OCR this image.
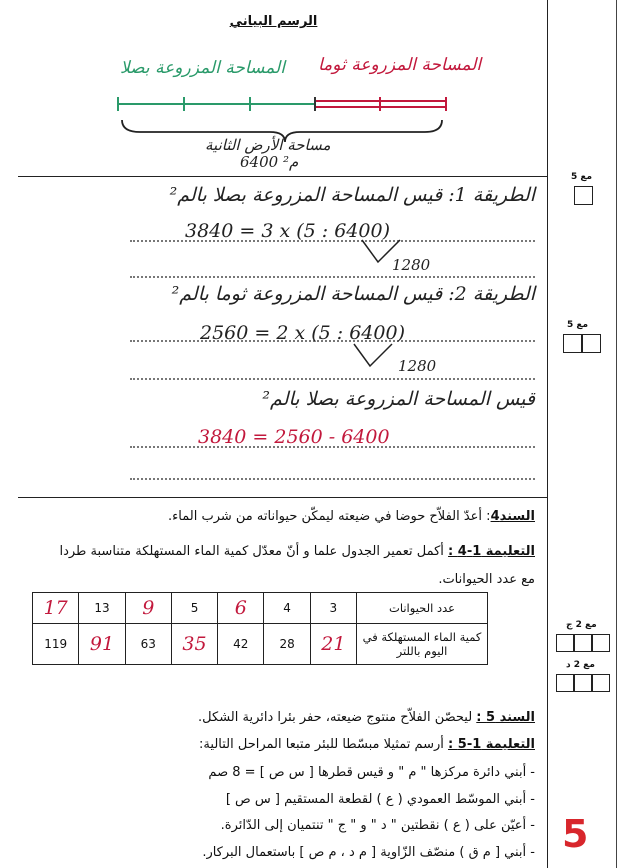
الرسم البياني
المساحة المزروعة بصلا المساحة المزروعة ثوما
مساحة الأرض الثانية
6400 م²
الطريقة 1: قيس المساحة المزروعة بصلا بالم²
3840 = 3 x (5 : 6400)
1280
الطريقة 2: قيس المساحة المزروعة ثوما بالم²
2560 = 2 x (5 : 6400)
1280
قيس المساحة المزروعة بصلا بالم²
3840 = 2560 - 6400
مع 5
مع 5
مع 2 ج
مع 2 د
السند4: أعدّ الفلاّح حوضا في ضيعته ليمكّن حيواناته من شرب الماء.
التعليمة 1-4 : أكمل تعمير الجدول علما و أنّ معدّل كمية الماء المستهلكة متناسبة طردا
مع عدد الحيوانات.
عدد الحيوانات	3	4	6	5	9	13	17
كمية الماء المستهلكة في اليوم باللتر	21	28	42	35	63	91	119
السند 5 : ليحصّن الفلاّح منتوج ضيعته، حفر بئرا دائرية الشكل.
التعليمة 1-5 : أرسم تمثيلا مبسّطا للبئر متبعا المراحل التالية:
- أبني دائرة مركزها " م " و قيس قطرها [ س ص ] = 8 صم
- أبني الموسّط العمودي ( ع ) لقطعة المستقيم [ س ص ]
- أعيّن على ( ع ) نقطتين " د " و " ج " تنتميان إلى الدّائرة.
- أبني [ م ق ) منصّف الزّاوية [ م د ، م ص ] باستعمال البركار. 5
